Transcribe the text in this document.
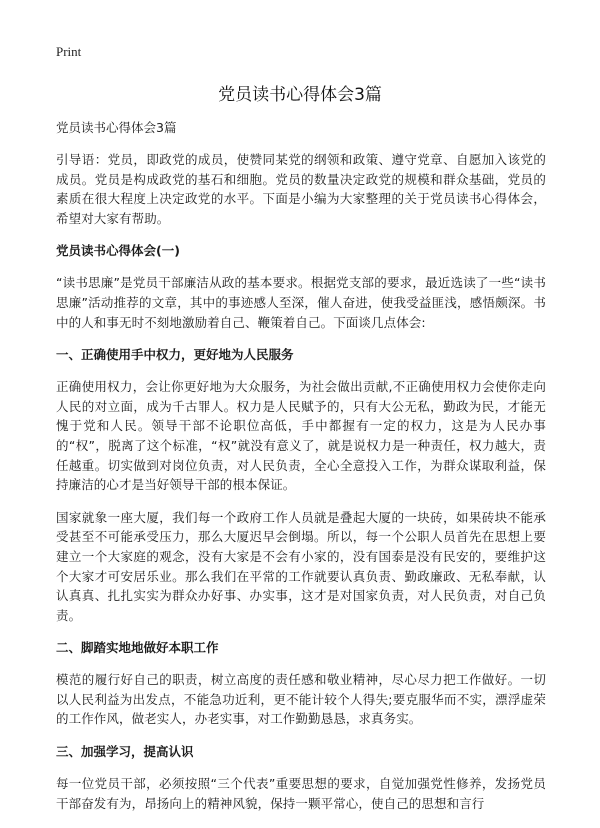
Print
党员读书心得体会3篇

党员读书心得体会3篇

引导语：党员，即政党的成员，使赞同某党的纲领和政策、遵守党章、自愿加入该党的成员。党员是构成政党的基石和细胞。党员的数量决定政党的规模和群众基础，党员的素质在很大程度上决定政党的水平。下面是小编为大家整理的关于党员读书心得体会，希望对大家有帮助。

党员读书心得体会(一)

“读书思廉”是党员干部廉洁从政的基本要求。根据党支部的要求，最近选读了一些“读书思廉”活动推荐的文章，其中的事迹感人至深，催人奋进，使我受益匪浅，感悟颇深。书中的人和事无时不刻地激励着自己、鞭策着自己。下面谈几点体会:

一、正确使用手中权力，更好地为人民服务

正确使用权力，会让你更好地为大众服务，为社会做出贡献,不正确使用权力会使你走向人民的对立面，成为千古罪人。权力是人民赋予的，只有大公无私，勤政为民，才能无愧于党和人民。领导干部不论职位高低，手中都握有一定的权力，这是为人民办事的“权”，脱离了这个标准，“权”就没有意义了，就是说权力是一种责任，权力越大，责任越重。切实做到对岗位负责，对人民负责，全心全意投入工作，为群众谋取利益，保持廉洁的心才是当好领导干部的根本保证。

国家就象一座大厦，我们每一个政府工作人员就是叠起大厦的一块砖，如果砖块不能承受甚至不可能承受压力，那么大厦迟早会倒塌。所以，每一个公职人员首先在思想上要建立一个大家庭的观念，没有大家是不会有小家的，没有国泰是没有民安的，要维护这个大家才可安居乐业。那么我们在平常的工作就要认真负责、勤政廉政、无私奉献，认认真真、扎扎实实为群众办好事、办实事，这才是对国家负责，对人民负责，对自己负责。

二、脚踏实地地做好本职工作

模范的履行好自己的职责，树立高度的责任感和敬业精神，尽心尽力把工作做好。一切以人民利益为出发点，不能急功近利，更不能计较个人得失;要克服华而不实，漂浮虚荣的工作作风，做老实人，办老实事，对工作勤勤恳恳，求真务实。

三、加强学习，提高认识

每一位党员干部，必须按照“三个代表”重要思想的要求，自觉加强党性修养，发扬党员干部奋发有为，昂扬向上的精神风貌，保持一颗平常心，使自己的思想和言行
